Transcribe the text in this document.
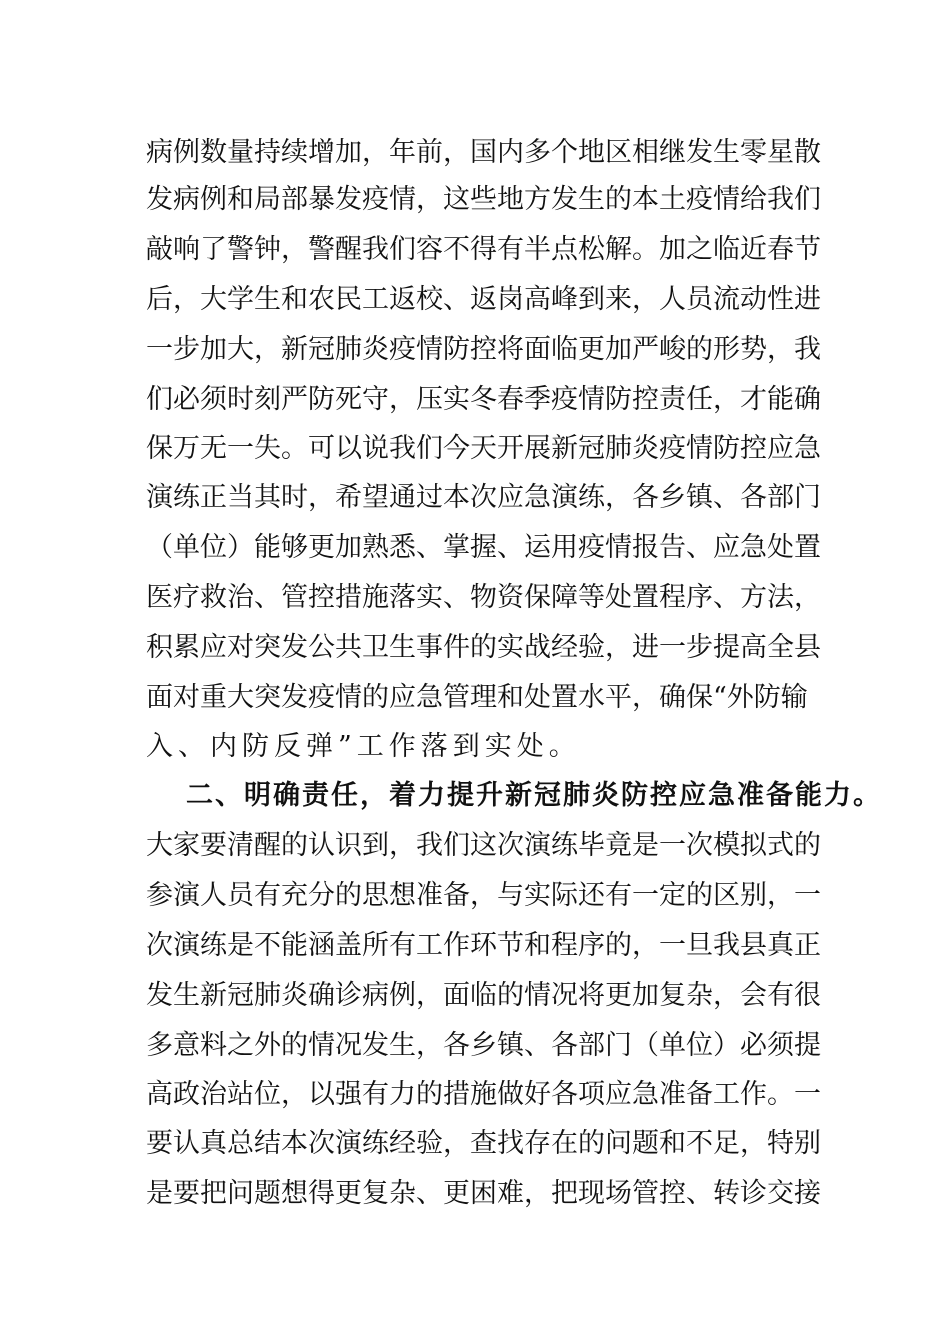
病例数量持续增加，年前，国内多个地区相继发生零星散
发病例和局部暴发疫情，这些地方发生的本土疫情给我们
敲响了警钟，警醒我们容不得有半点松解。加之临近春节
后，大学生和农民工返校、返岗高峰到来，人员流动性进
一步加大，新冠肺炎疫情防控将面临更加严峻的形势，我
们必须时刻严防死守，压实冬春季疫情防控责任，才能确
保万无一失。可以说我们今天开展新冠肺炎疫情防控应急
演练正当其时，希望通过本次应急演练，各乡镇、各部门
（单位）能够更加熟悉、掌握、运用疫情报告、应急处置
医疗救治、管控措施落实、物资保障等处置程序、方法，
积累应对突发公共卫生事件的实战经验，进一步提高全县
面对重大突发疫情的应急管理和处置水平，确保“外防输
入、内防反弹”工作落到实处。
二、明确责任，着力提升新冠肺炎防控应急准备能力。
大家要清醒的认识到，我们这次演练毕竟是一次模拟式的
参演人员有充分的思想准备，与实际还有一定的区别，一
次演练是不能涵盖所有工作环节和程序的，一旦我县真正
发生新冠肺炎确诊病例，面临的情况将更加复杂，会有很
多意料之外的情况发生，各乡镇、各部门（单位）必须提
高政治站位，以强有力的措施做好各项应急准备工作。一
要认真总结本次演练经验，查找存在的问题和不足，特别
是要把问题想得更复杂、更困难，把现场管控、转诊交接
